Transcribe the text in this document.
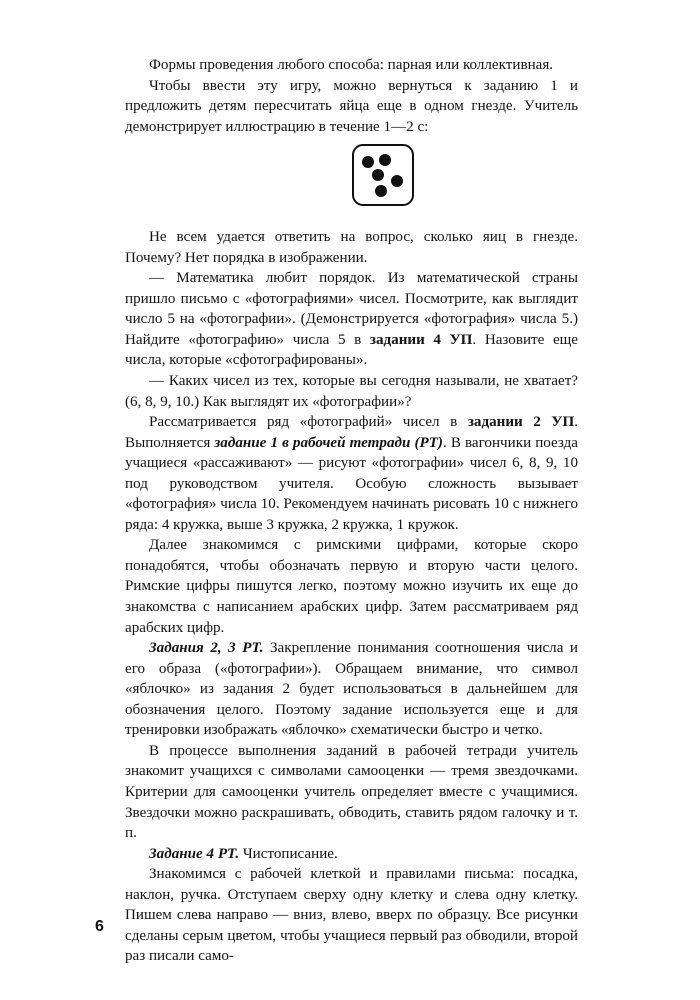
Формы проведения любого способа: парная или коллективная.

Чтобы ввести эту игру, можно вернуться к заданию 1 и предложить детям пересчитать яйца еще в одном гнезде. Учитель демонстрирует иллюстрацию в течение 1—2 с:

Не всем удается ответить на вопрос, сколько яиц в гнезде. Почему? Нет порядка в изображении.

— Математика любит порядок. Из математической страны пришло письмо с «фотографиями» чисел. Посмотрите, как выглядит число 5 на «фотографии». (Демонстрируется «фотография» числа 5.) Найдите «фотографию» числа 5 в задании 4 УП. Назовите еще числа, которые «сфотографированы».

— Каких чисел из тех, которые вы сегодня называли, не хватает? (6, 8, 9, 10.) Как выглядят их «фотографии»?

Рассматривается ряд «фотографий» чисел в задании 2 УП. Выполняется задание 1 в рабочей тетради (РТ). В вагончики поезда учащиеся «рассаживают» — рисуют «фотографии» чисел 6, 8, 9, 10 под руководством учителя. Особую сложность вызывает «фотография» числа 10. Рекомендуем начинать рисовать 10 с нижнего ряда: 4 кружка, выше 3 кружка, 2 кружка, 1 кружок.

Далее знакомимся с римскими цифрами, которые скоро понадобятся, чтобы обозначать первую и вторую части целого. Римские цифры пишутся легко, поэтому можно изучить их еще до знакомства с написанием арабских цифр. Затем рассматриваем ряд арабских цифр.

Задания 2, 3 РТ. Закрепление понимания соотношения числа и его образа («фотографии»). Обращаем внимание, что символ «яблочко» из задания 2 будет использоваться в дальнейшем для обозначения целого. Поэтому задание используется еще и для тренировки изображать «яблочко» схематически быстро и четко.

В процессе выполнения заданий в рабочей тетради учитель знакомит учащихся с символами самооценки — тремя звездочками. Критерии для самооценки учитель определяет вместе с учащимися. Звездочки можно раскрашивать, обводить, ставить рядом галочку и т. п.

Задание 4 РТ. Чистописание.

Знакомимся с рабочей клеткой и правилами письма: посадка, наклон, ручка. Отступаем сверху одну клетку и слева одну клетку. Пишем слева направо — вниз, влево, вверх по образцу. Все рисунки сделаны серым цветом, чтобы учащиеся первый раз обводили, второй раз писали само-

6
